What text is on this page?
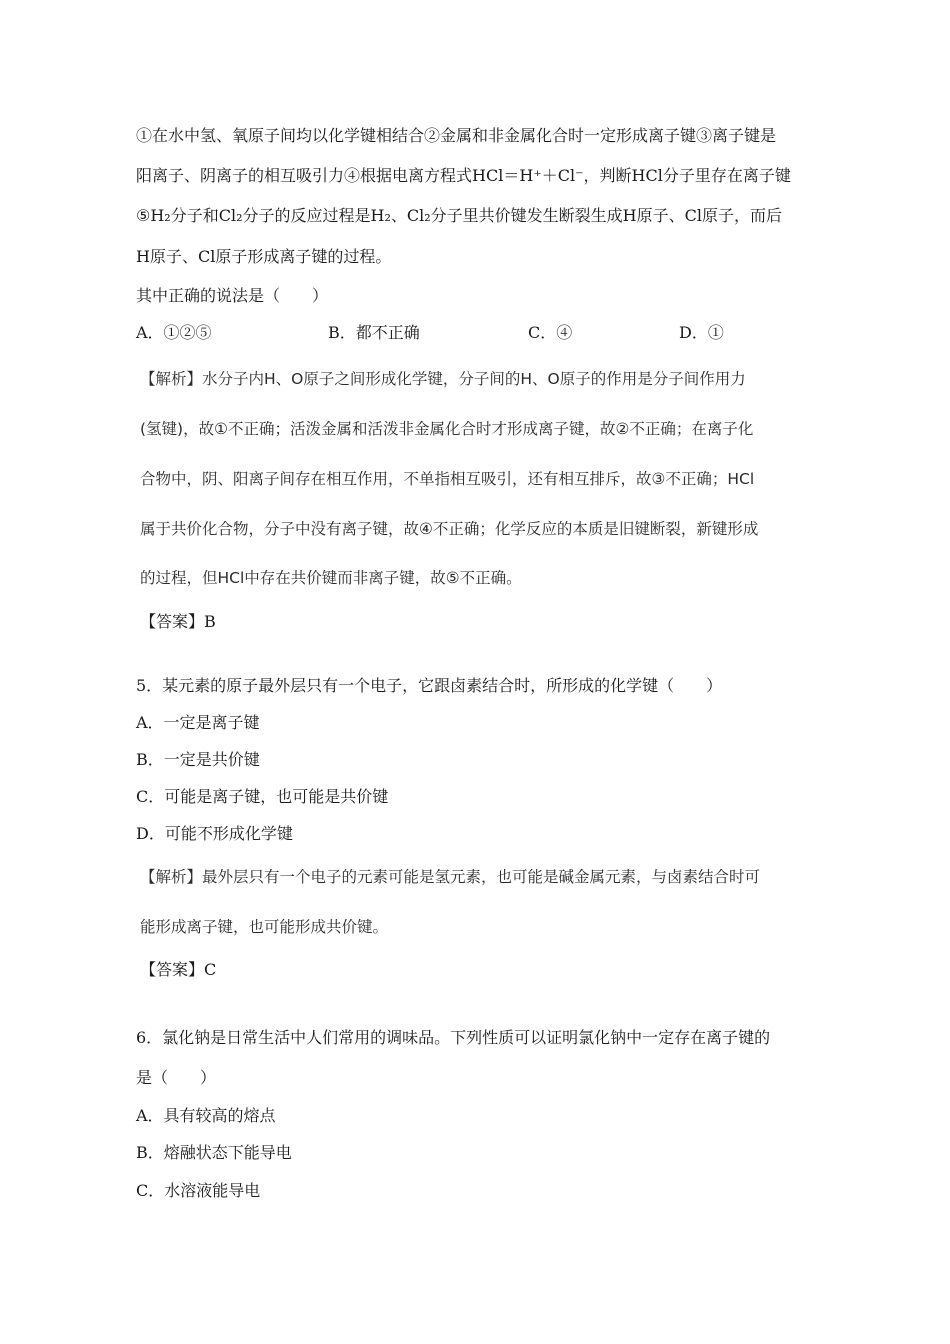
①在水中氢、氧原子间均以化学键相结合②金属和非金属化合时一定形成离子键③离子键是
阳离子、阴离子的相互吸引力④根据电离方程式HCl＝H⁺＋Cl⁻，判断HCl分子里存在离子键
⑤H₂分子和Cl₂分子的反应过程是H₂、Cl₂分子里共价键发生断裂生成H原子、Cl原子，而后
H原子、Cl原子形成离子键的过程。
其中正确的说法是（　　）
A．①②⑤	B．都不正确	C．④	D．①
【解析】水分子内H、O原子之间形成化学键，分子间的H、O原子的作用是分子间作用力
(氢键)，故①不正确；活泼金属和活泼非金属化合时才形成离子键，故②不正确；在离子化
合物中，阴、阳离子间存在相互作用，不单指相互吸引，还有相互排斥，故③不正确；HCl
属于共价化合物，分子中没有离子键，故④不正确；化学反应的本质是旧键断裂，新键形成
的过程，但HCl中存在共价键而非离子键，故⑤不正确。
【答案】B
5．某元素的原子最外层只有一个电子，它跟卤素结合时，所形成的化学键（　　）
A．一定是离子键
B．一定是共价键
C．可能是离子键，也可能是共价键
D．可能不形成化学键
【解析】最外层只有一个电子的元素可能是氢元素，也可能是碱金属元素，与卤素结合时可
能形成离子键，也可能形成共价键。
【答案】C
6．氯化钠是日常生活中人们常用的调味品。下列性质可以证明氯化钠中一定存在离子键的
是（　　）
A．具有较高的熔点
B．熔融状态下能导电
C．水溶液能导电
